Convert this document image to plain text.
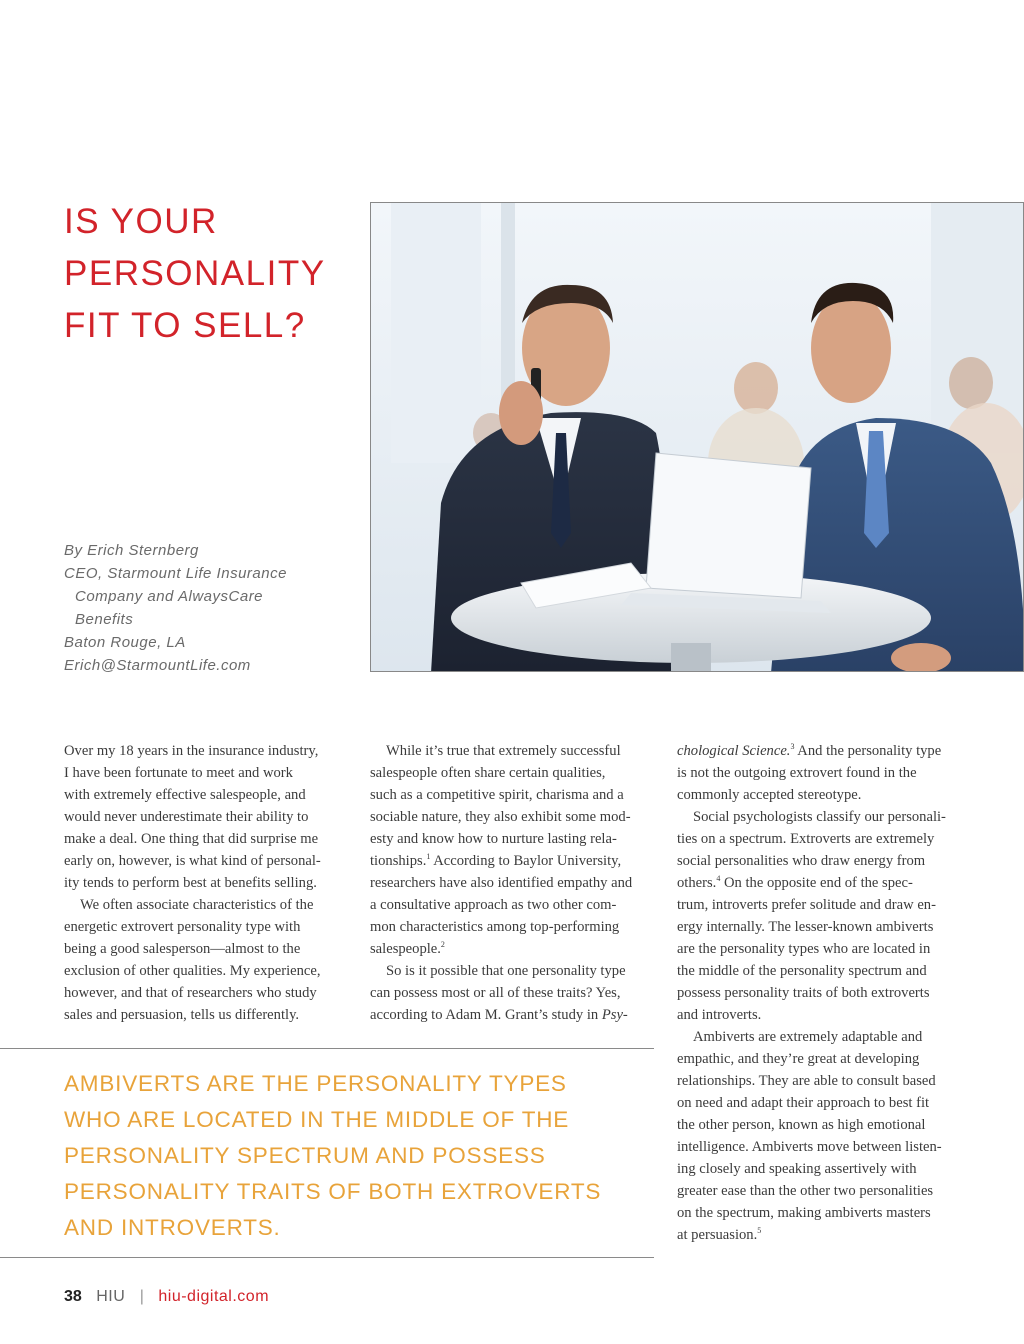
IS YOUR
PERSONALITY
FIT TO SELL?
By Erich Sternberg
CEO, Starmount Life Insurance
Company and AlwaysCare
Benefits
Baton Rouge, LA
Erich@StarmountLife.com
Over my 18 years in the insurance industry,
I have been fortunate to meet and work
with extremely effective salespeople, and
would never underestimate their ability to
make a deal. One thing that did surprise me
early on, however, is what kind of personal-
ity tends to perform best at benefits selling.
We often associate characteristics of the
energetic extrovert personality type with
being a good salesperson—almost to the
exclusion of other qualities. My experience,
however, and that of researchers who study
sales and persuasion, tells us differently.
While it’s true that extremely successful
salespeople often share certain qualities,
such as a competitive spirit, charisma and a
sociable nature, they also exhibit some mod-
esty and know how to nurture lasting rela-
tionships.$^1$ According to Baylor University,
researchers have also identified empathy and
a consultative approach as two other com-
mon characteristics among top-performing
salespeople.$^2$
So is it possible that one personality type
can possess most or all of these traits? Yes,
according to Adam M. Grant’s study in Psy-
chological Science.$^3$ And the personality type
is not the outgoing extrovert found in the
commonly accepted stereotype.
Social psychologists classify our personali-
ties on a spectrum. Extroverts are extremely
social personalities who draw energy from
others.$^4$ On the opposite end of the spec-
trum, introverts prefer solitude and draw en-
ergy internally. The lesser-known ambiverts
are the personality types who are located in
the middle of the personality spectrum and
possess personality traits of both extroverts
and introverts.
Ambiverts are extremely adaptable and
empathic, and they’re great at developing
relationships. They are able to consult based
on need and adapt their approach to best fit
the other person, known as high emotional
intelligence. Ambiverts move between listen-
ing closely and speaking assertively with
greater ease than the other two personalities
on the spectrum, making ambiverts masters
at persuasion.$^5$
AMBIVERTS ARE THE PERSONALITY TYPES
WHO ARE LOCATED IN THE MIDDLE OF THE
PERSONALITY SPECTRUM AND POSSESS
PERSONALITY TRAITS OF BOTH EXTROVERTS
AND INTROVERTS.
38 HIU | hiu-digital.com
